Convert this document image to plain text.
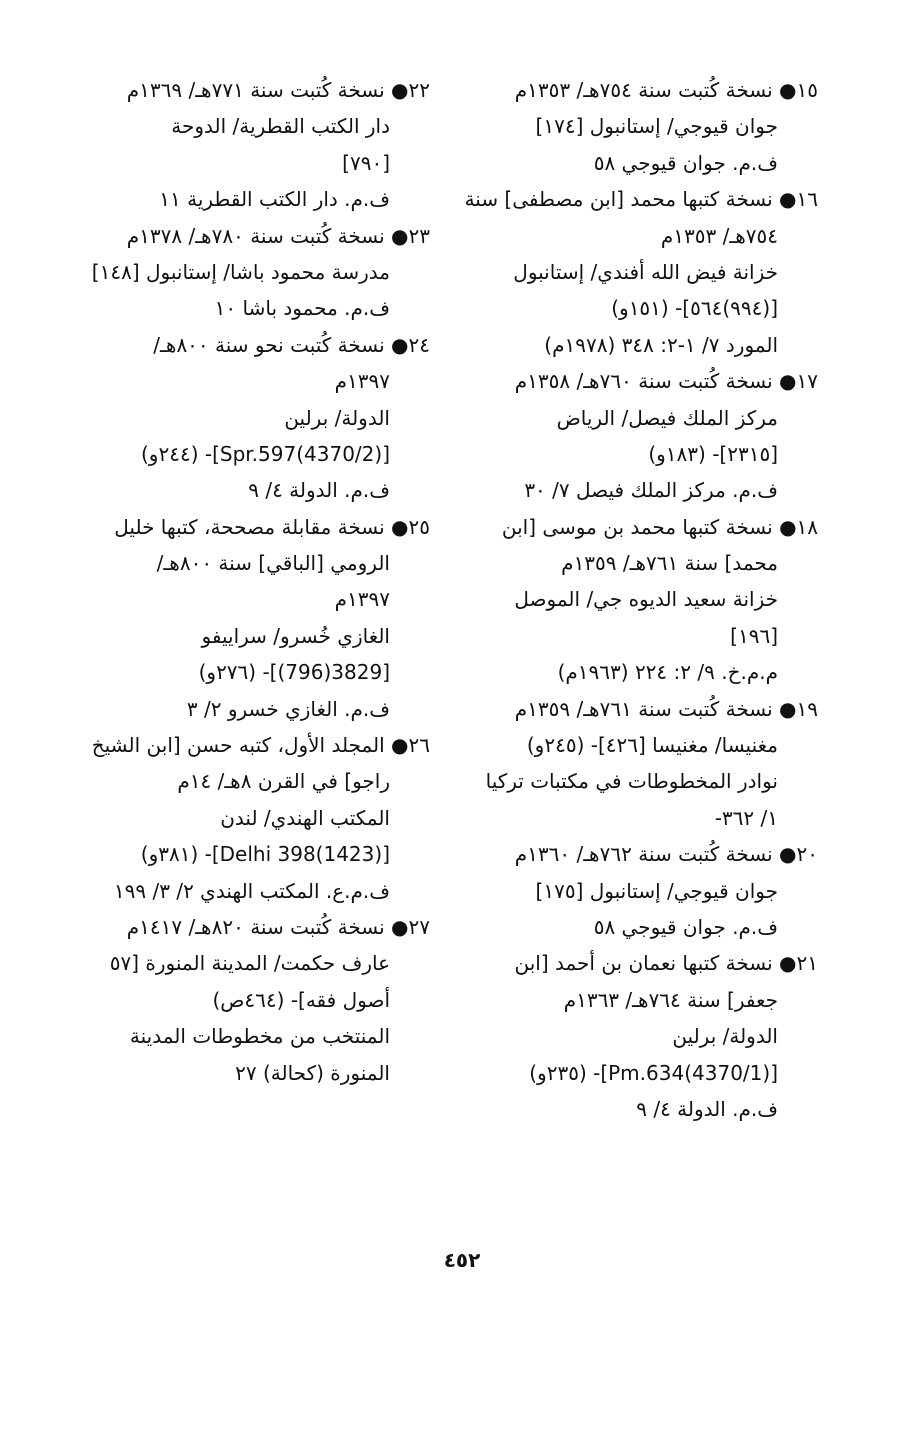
١٥● نسخة كُتبت سنة ٧٥٤هـ/ ١٣٥٣م
جوان قيوجي/ إستانبول [١٧٤]
ف.م. جوان قيوجي ٥٨
١٦● نسخة كتبها محمد [ابن مصطفى] سنة
٧٥٤هـ/ ١٣٥٣م
خزانة فيض الله أفندي/ إستانبول
[(٩٩٤)٥٦٤]- (١٥١و)
المورد ٧/ ١-٢: ٣٤٨ (١٩٧٨م)
١٧● نسخة كُتبت سنة ٧٦٠هـ/ ١٣٥٨م
مركز الملك فيصل/ الرياض
[٢٣١٥]- (١٨٣و)
ف.م. مركز الملك فيصل ٧/ ٣٠
١٨● نسخة كتبها محمد بن موسى [ابن
محمد] سنة ٧٦١هـ/ ١٣٥٩م
خزانة سعيد الديوه جي/ الموصل
[١٩٦]
م.م.خ. ٩/ ٢: ٢٢٤ (١٩٦٣م)
١٩● نسخة كُتبت سنة ٧٦١هـ/ ١٣٥٩م
مغنيسا/ مغنيسا [٤٢٦]- (٢٤٥و)
نوادر المخطوطات في مكتبات تركيا
١/ ٣٦٢-
٢٠● نسخة كُتبت سنة ٧٦٢هـ/ ١٣٦٠م
جوان قيوجي/ إستانبول [١٧٥]
ف.م. جوان قيوجي ٥٨
٢١● نسخة كتبها نعمان بن أحمد [ابن
جعفر] سنة ٧٦٤هـ/ ١٣٦٣م
الدولة/ برلين
[(4370/1)Pm.634]- (٢٣٥و)
ف.م. الدولة ٤/ ٩
٢٢● نسخة كُتبت سنة ٧٧١هـ/ ١٣٦٩م
دار الكتب القطرية/ الدوحة
[٧٩٠]
ف.م. دار الكتب القطرية ١١
٢٣● نسخة كُتبت سنة ٧٨٠هـ/ ١٣٧٨م
مدرسة محمود باشا/ إستانبول [١٤٨]
ف.م. محمود باشا ١٠
٢٤● نسخة كُتبت نحو سنة ٨٠٠هـ/
١٣٩٧م
الدولة/ برلين
[(4370/2)Spr.597]- (٢٤٤و)
ف.م. الدولة ٤/ ٩
٢٥● نسخة مقابلة مصححة، كتبها خليل
الرومي [الباقي] سنة ٨٠٠هـ/
١٣٩٧م
الغازي خُسرو/ سراييفو
[3829(796)]- (٢٧٦و)
ف.م. الغازي خسرو ٢/ ٣
٢٦● المجلد الأول، كتبه حسن [ابن الشيخ
راجو] في القرن ٨هـ/ ١٤م
المكتب الهندي/ لندن
[Delhi 398(1423)]- (٣٨١و)
ف.م.ع. المكتب الهندي ٢/ ٣/ ١٩٩
٢٧● نسخة كُتبت سنة ٨٢٠هـ/ ١٤١٧م
عارف حكمت/ المدينة المنورة [٥٧
أصول فقه]- (٤٦٤ص)
المنتخب من مخطوطات المدينة
المنورة (كحالة) ٢٧
٤٥٢
